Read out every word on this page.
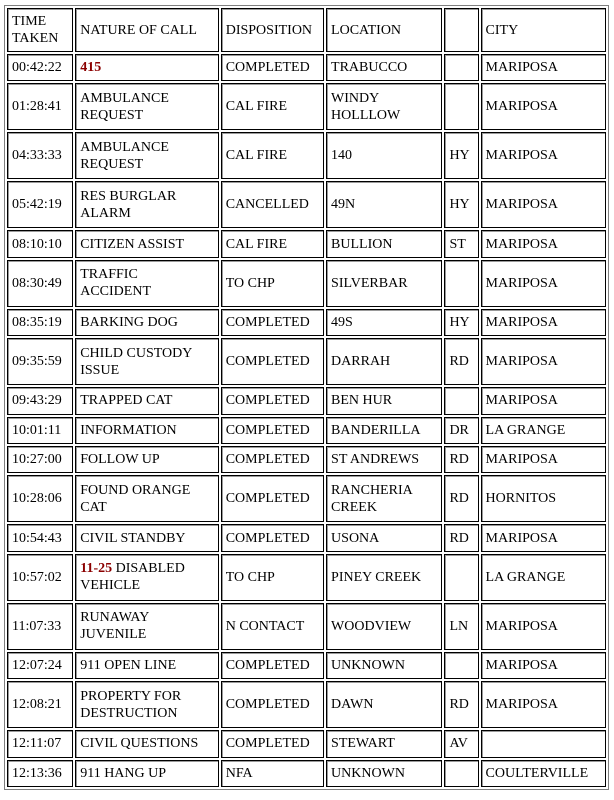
TIME
TAKEN	NATURE OF CALL	DISPOSITION	LOCATION		CITY
00:42:22	415	COMPLETED	TRABUCCO		MARIPOSA
01:28:41	AMBULANCE
REQUEST	CAL FIRE	WINDY
HOLLLOW		MARIPOSA
04:33:33	AMBULANCE
REQUEST	CAL FIRE	140	HY	MARIPOSA
05:42:19	RES BURGLAR
ALARM	CANCELLED	49N	HY	MARIPOSA
08:10:10	CITIZEN ASSIST	CAL FIRE	BULLION	ST	MARIPOSA
08:30:49	TRAFFIC
ACCIDENT	TO CHP	SILVERBAR		MARIPOSA
08:35:19	BARKING DOG	COMPLETED	49S	HY	MARIPOSA
09:35:59	CHILD CUSTODY
ISSUE	COMPLETED	DARRAH	RD	MARIPOSA
09:43:29	TRAPPED CAT	COMPLETED	BEN HUR		MARIPOSA
10:01:11	INFORMATION	COMPLETED	BANDERILLA	DR	LA GRANGE
10:27:00	FOLLOW UP	COMPLETED	ST ANDREWS	RD	MARIPOSA
10:28:06	FOUND ORANGE
CAT	COMPLETED	RANCHERIA
CREEK	RD	HORNITOS
10:54:43	CIVIL STANDBY	COMPLETED	USONA	RD	MARIPOSA
10:57:02	11-25 DISABLED
VEHICLE	TO CHP	PINEY CREEK		LA GRANGE
11:07:33	RUNAWAY
JUVENILE	N CONTACT	WOODVIEW	LN	MARIPOSA
12:07:24	911 OPEN LINE	COMPLETED	UNKNOWN		MARIPOSA
12:08:21	PROPERTY FOR
DESTRUCTION	COMPLETED	DAWN	RD	MARIPOSA
12:11:07	CIVIL QUESTIONS	COMPLETED	STEWART	AV	
12:13:36	911 HANG UP	NFA	UNKNOWN		COULTERVILLE
